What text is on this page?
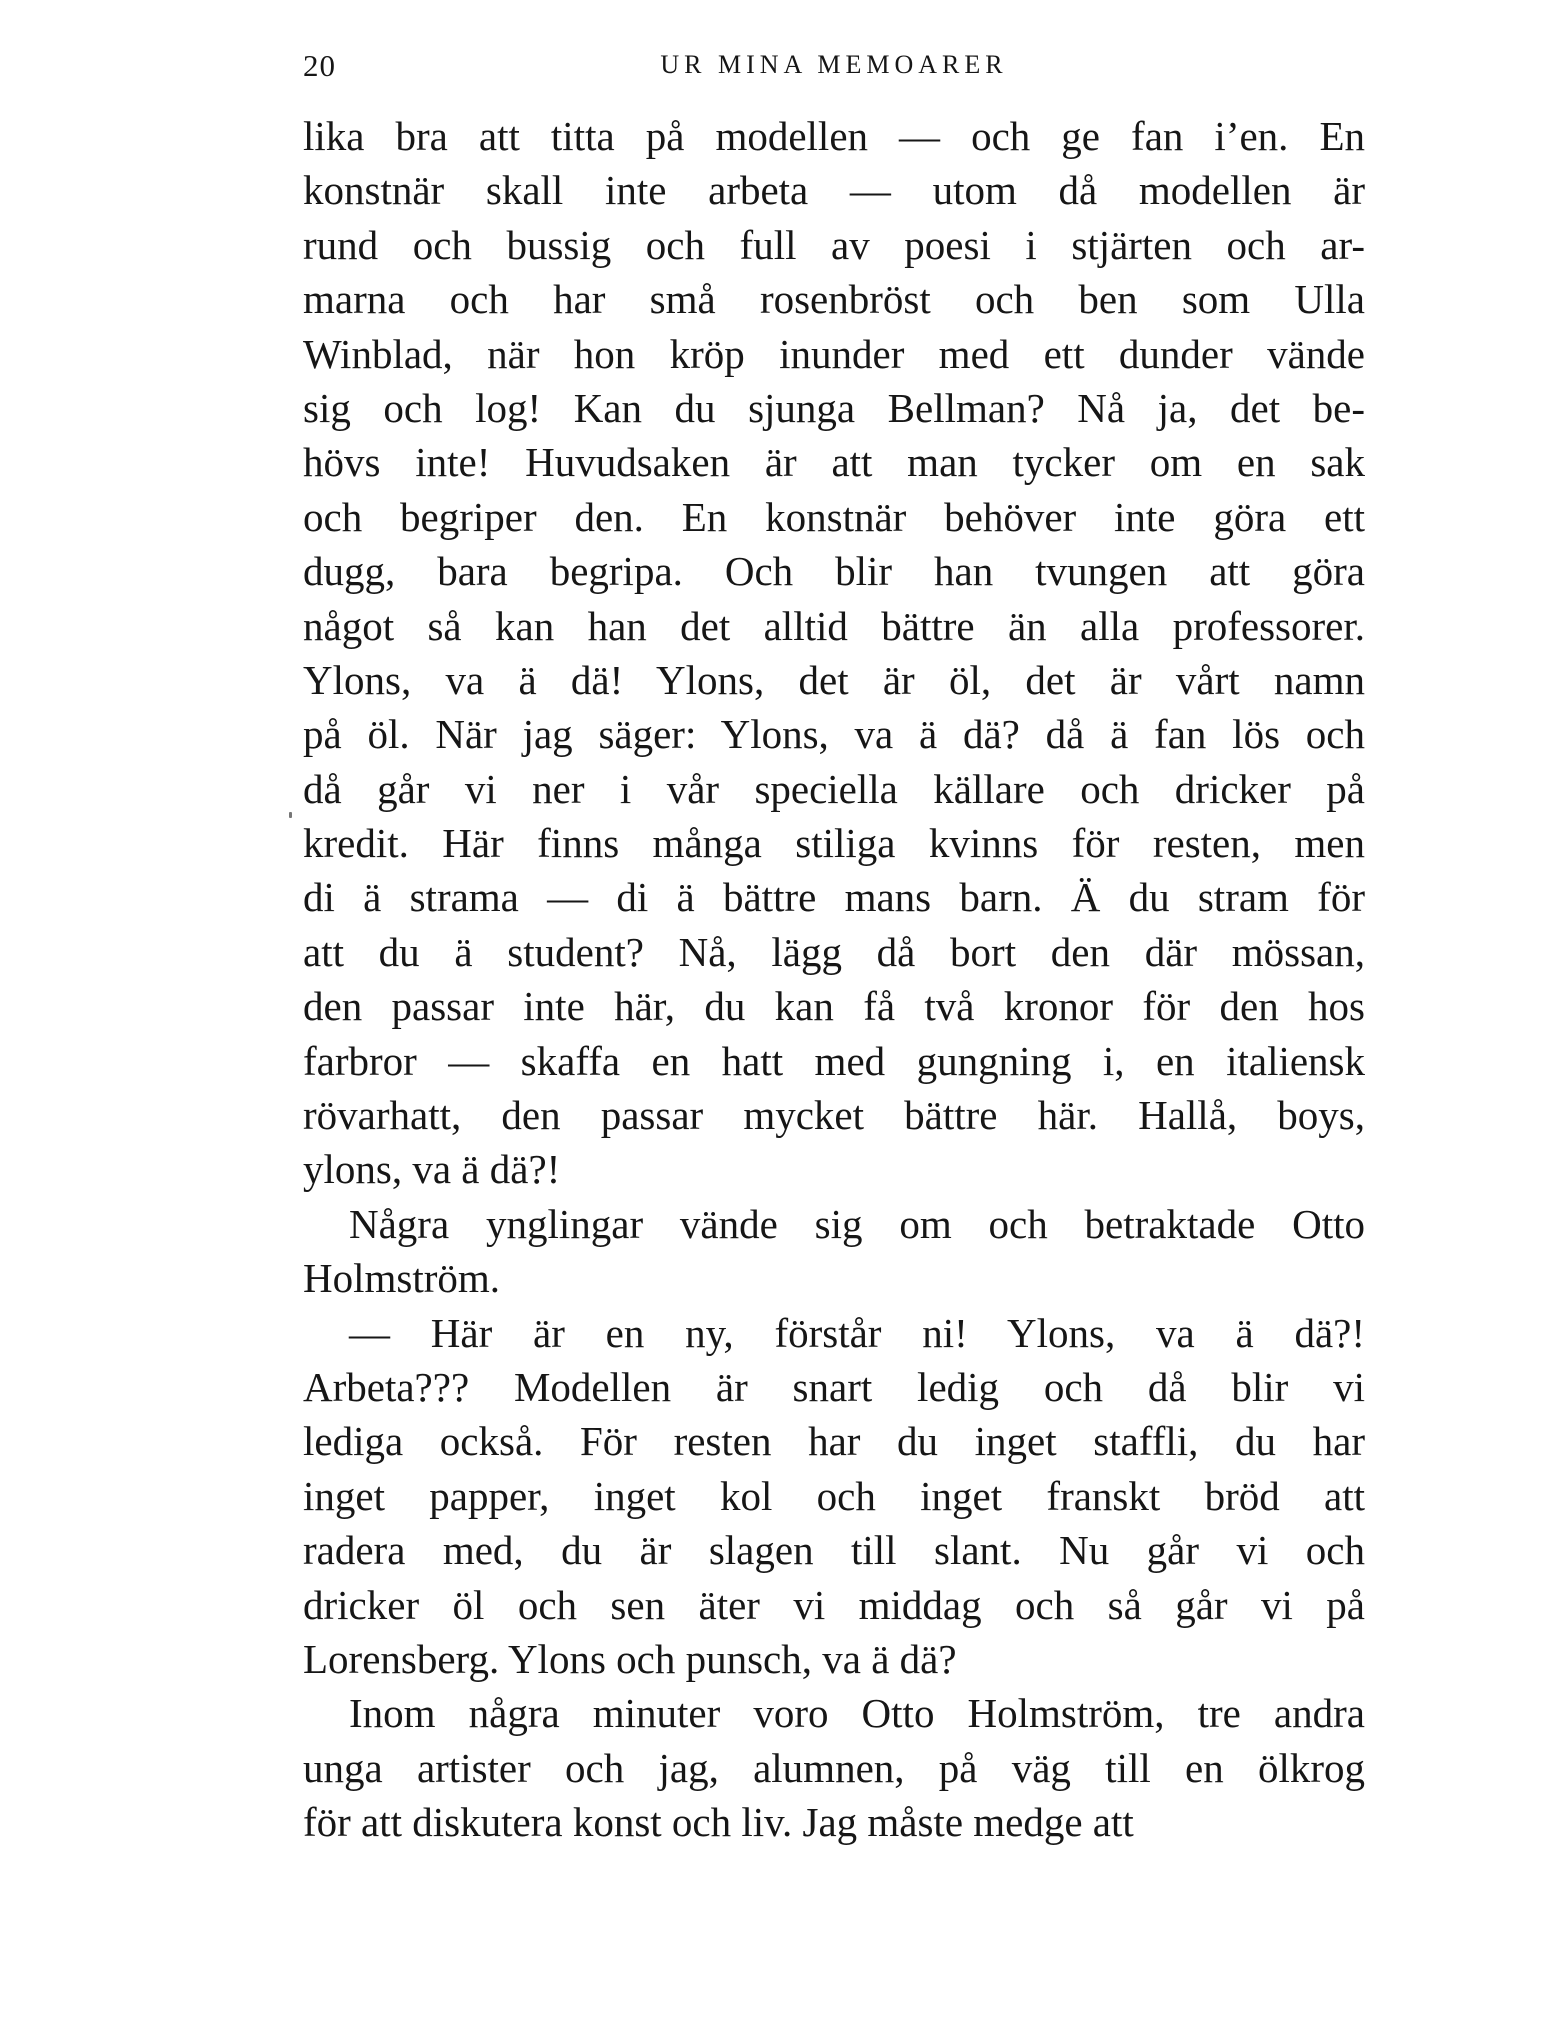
20	UR MINA MEMOARER

lika bra att titta på modellen — och ge fan i’en. En
konstnär skall inte arbeta — utom då modellen är
rund och bussig och full av poesi i stjärten och ar-
marna och har små rosenbröst och ben som Ulla
Winblad, när hon kröp inunder med ett dunder vände
sig och log! Kan du sjunga Bellman? Nå ja, det be-
hövs inte! Huvudsaken är att man tycker om en sak
och begriper den. En konstnär behöver inte göra ett
dugg, bara begripa. Och blir han tvungen att göra
något så kan han det alltid bättre än alla professorer.
Ylons, va ä dä! Ylons, det är öl, det är vårt namn
på öl. När jag säger: Ylons, va ä dä? då ä fan lös och
då går vi ner i vår speciella källare och dricker på
kredit. Här finns många stiliga kvinns för resten, men
di ä strama — di ä bättre mans barn. Ä du stram för
att du ä student? Nå, lägg då bort den där mössan,
den passar inte här, du kan få två kronor för den hos
farbror — skaffa en hatt med gungning i, en italiensk
rövarhatt, den passar mycket bättre här. Hallå, boys,
ylons, va ä dä?!

Några ynglingar vände sig om och betraktade Otto
Holmström.

— Här är en ny, förstår ni! Ylons, va ä dä?!
Arbeta??? Modellen är snart ledig och då blir vi
lediga också. För resten har du inget staffli, du har
inget papper, inget kol och inget franskt bröd att
radera med, du är slagen till slant. Nu går vi och
dricker öl och sen äter vi middag och så går vi på
Lorensberg. Ylons och punsch, va ä dä?

Inom några minuter voro Otto Holmström, tre andra
unga artister och jag, alumnen, på väg till en ölkrog
för att diskutera konst och liv. Jag måste medge att
